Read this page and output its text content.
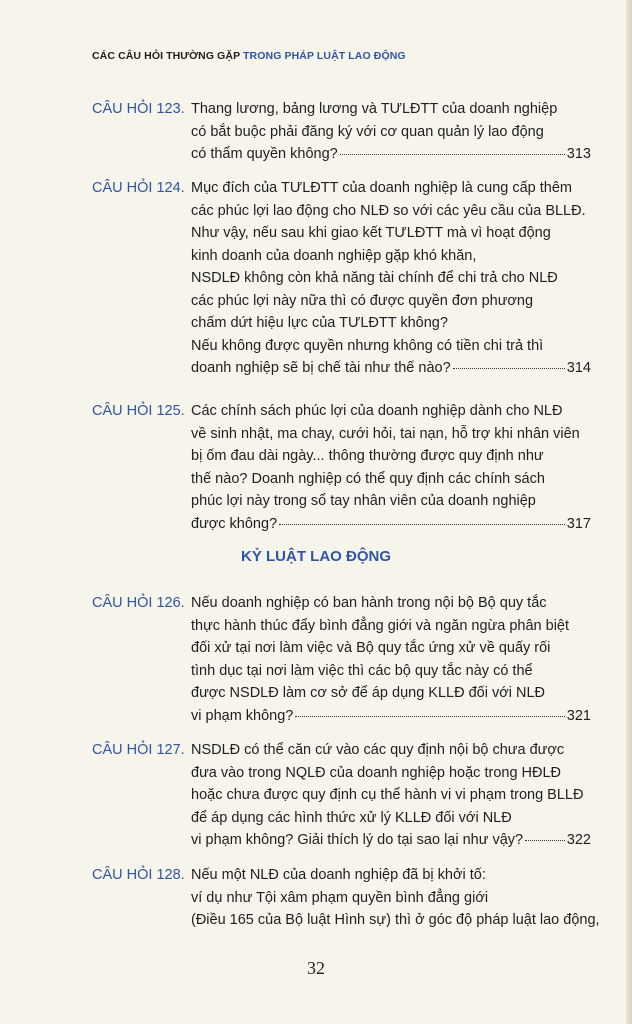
CÁC CÂU HỎI THƯỜNG GẶP TRONG PHÁP LUẬT LAO ĐỘNG
CÂU HỎI 123. Thang lương, bảng lương và TƯLĐTT của doanh nghiệp
có bắt buộc phải đăng ký với cơ quan quản lý lao động
có thẩm quyền không?	313
CÂU HỎI 124. Mục đích của TƯLĐTT của doanh nghiệp là cung cấp thêm
các phúc lợi lao động cho NLĐ so với các yêu cầu của BLLĐ.
Như vậy, nếu sau khi giao kết TƯLĐTT mà vì hoạt động
kinh doanh của doanh nghiệp gặp khó khăn,
NSDLĐ không còn khả năng tài chính để chi trả cho NLĐ
các phúc lợi này nữa thì có được quyền đơn phương
chấm dứt hiệu lực của TƯLĐTT không?
Nếu không được quyền nhưng không có tiền chi trả thì
doanh nghiệp sẽ bị chế tài như thế nào?	314
CÂU HỎI 125. Các chính sách phúc lợi của doanh nghiệp dành cho NLĐ
về sinh nhật, ma chay, cưới hỏi, tai nạn, hỗ trợ khi nhân viên
bị ốm đau dài ngày... thông thường được quy định như
thế nào? Doanh nghiệp có thể quy định các chính sách
phúc lợi này trong sổ tay nhân viên của doanh nghiệp
được không?	317
KỶ LUẬT LAO ĐỘNG
CÂU HỎI 126. Nếu doanh nghiệp có ban hành trong nội bộ Bộ quy tắc
thực hành thúc đẩy bình đẳng giới và ngăn ngừa phân biệt
đối xử tại nơi làm việc và Bộ quy tắc ứng xử về quấy rối
tình dục tại nơi làm việc thì các bộ quy tắc này có thể
được NSDLĐ làm cơ sở để áp dụng KLLĐ đối với NLĐ
vi phạm không?	321
CÂU HỎI 127. NSDLĐ có thể căn cứ vào các quy định nội bộ chưa được
đưa vào trong NQLĐ của doanh nghiệp hoặc trong HĐLĐ
hoặc chưa được quy định cụ thể hành vi vi phạm trong BLLĐ
để áp dụng các hình thức xử lý KLLĐ đối với NLĐ
vi phạm không? Giải thích lý do tại sao lại như vậy?	322
CÂU HỎI 128. Nếu một NLĐ của doanh nghiệp đã bị khởi tố:
ví dụ như Tội xâm phạm quyền bình đẳng giới
(Điều 165 của Bộ luật Hình sự) thì ở góc độ pháp luật lao động,
32
